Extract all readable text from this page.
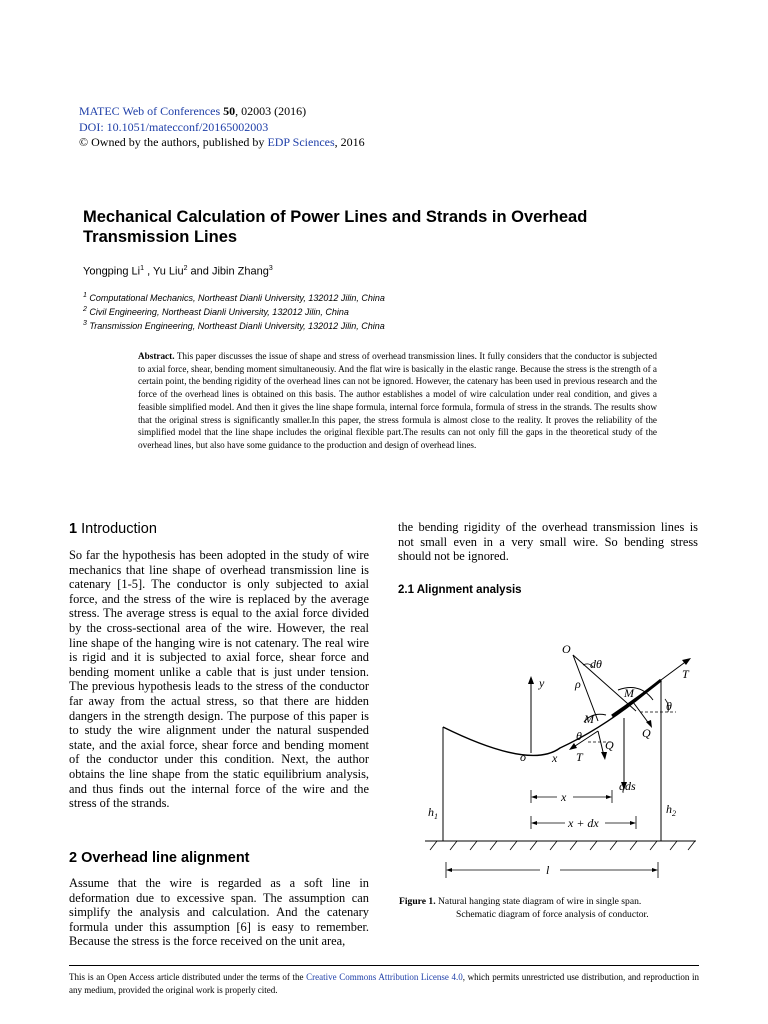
MATEC Web of Conferences 50, 02003 (2016)
DOI: 10.1051/matecconf/20165002003
© Owned by the authors, published by EDP Sciences, 2016
Mechanical Calculation of Power Lines and Strands in Overhead Transmission Lines
Yongping Li$^1$ , Yu Liu$^2$ and Jibin Zhang$^3$
$^1$ Computational Mechanics, Northeast Dianli University, 132012 Jilin, China
$^2$ Civil Engineering, Northeast Dianli University, 132012 Jilin, China
$^3$ Transmission Engineering, Northeast Dianli University, 132012 Jilin, China
Abstract. This paper discusses the issue of shape and stress of overhead transmission lines. It fully considers that the conductor is subjected to axial force, shear, bending moment simultaneousiy. And the flat wire is basically in the elastic range. Because the stress is the strength of a certain point, the bending rigidity of the overhead lines can not be ignored. However, the catenary has been used in previous research and the force of the overhead lines is obtained on this basis. The author establishes a model of wire calculation under real condition, and gives a feasible simplified model. And then it gives the line shape formula, internal force formula, formula of stress in the strands. The results show that the original stress is significantly smaller.In this paper, the stress formula is almost close to the reality. It proves the reliability of the simplified model that the line shape includes the original flexible part.The results can not only fill the gaps in the theoretical study of the overhead lines, but also have some guidance to the production and design of overhead lines.
1 Introduction
So far the hypothesis has been adopted in the study of wire mechanics that line shape of overhead transmission line is catenary [1-5]. The conductor is only subjected to axial force, and the stress of the wire is replaced by the average stress. The average stress is equal to the axial force divided by the cross-sectional area of the wire. However, the real line shape of the hanging wire is not catenary. The real wire is rigid and it is subjected to axial force, shear force and bending moment unlike a cable that is just under tension. The previous hypothesis leads to the stress of the conductor far away from the actual stress, so that there are hidden dangers in the strength design. The purpose of this paper is to study the wire alignment under the natural suspended state, and the axial force, shear force and bending moment of the conductor under this condition. Next, the author obtains the line shape from the static equilibrium analysis, and thus finds out the internal force of the wire and the stress of the strands.
2 Overhead line alignment
Assume that the wire is regarded as a soft line in deformation due to excessive span. The assumption can simplify the analysis and calculation. And the catenary formula under this assumption [6] is easy to remember. Because the stress is the force received on the unit area,
the bending rigidity of the overhead transmission lines is not small even in a very small wire. So bending stress should not be ignored.
2.1 Alignment analysis
O
dθ
y	ρ
M
T
θ
M
θ
Q
Q
o x T
qds
$h_1$
$h_2$
x
x + dx
l
Figure 1. Natural hanging state diagram of wire in single span.
Schematic diagram of force analysis of conductor.
This is an Open Access article distributed under the terms of the Creative Commons Attribution License 4.0, which permits unrestricted use distribution, and reproduction in any medium, provided the original work is properly cited.
